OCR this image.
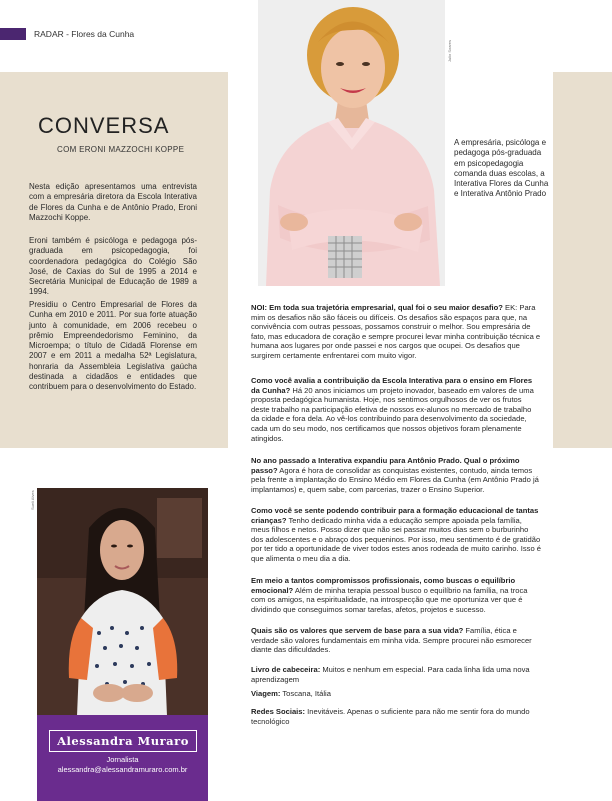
RADAR - Flores da Cunha
CONVERSA
COM ERONI MAZZOCHI KOPPE
Nesta edição apresentamos uma entrevista com a empresária diretora da Escola Interativa de Flores da Cunha e de Antônio Prado, Eroni Mazzochi Koppe.
Eroni também é psicóloga e pedagoga pós-graduada em psicopedagogia, foi coordenadora pedagógica do Colégio São José, de Caxias do Sul de 1995 a 2014 e Secretária Municipal de Educação de 1989 a 1994.
Presidiu o Centro Empresarial de Flores da Cunha em 2010 e 2011. Por sua forte atuação junto à comunidade, em 2006 recebeu o prêmio Empreendedorismo Feminino, da Microempa; o título de Cidadã Florense em 2007 e em 2011 a medalha 52ª Legislatura, honraria da Assembleia Legislativa gaúcha destinada a cidadãos e entidades que contribuem para o desenvolvimento do Estado.
Julio Soares
A empresária, psicóloga e pedagoga pós-graduada em psicopedagogia comanda duas escolas, a Interativa Flores da Cunha e Interativa Antônio Prado
NOI: Em toda sua trajetória empresarial, qual foi o seu maior desafio? EK: Para mim os desafios não são fáceis ou difíceis. Os desafios são espaços para que, na convivência com outras pessoas, possamos construir o melhor. Sou empresária de fato, mas educadora de coração e sempre procurei levar minha contribuição técnica e humana aos lugares por onde passei e nos cargos que ocupei. Os desafios que surgirem certamente enfrentarei com muito vigor.
Como você avalia a contribuição da Escola Interativa para o ensino em Flores da Cunha? Há 20 anos iniciamos um projeto inovador, baseado em valores de uma proposta pedagógica humanista. Hoje, nos sentimos orgulhosos de ver os frutos deste trabalho na participação efetiva de nossos ex-alunos no mercado de trabalho da cidade e fora dela. Ao vê-los contribuindo para desenvolvimento da sociedade, cada um do seu modo, nos certificamos que nossos objetivos foram plenamente atingidos.
No ano passado a Interativa expandiu para Antônio Prado. Qual o próximo passo? Agora é hora de consolidar as conquistas existentes, contudo, ainda temos pela frente a implantação do Ensino Médio em Flores da Cunha (em Antônio Prado já implantamos) e, quem sabe, com parcerias, trazer o Ensino Superior.
Como você se sente podendo contribuir para a formação educacional de tantas crianças? Tenho dedicado minha vida a educação sempre apoiada pela família, meus filhos e netos. Posso dizer que não sei passar muitos dias sem o burburinho dos adolescentes e o abraço dos pequeninos. Por isso, meu sentimento é de gratidão por ter tido a oportunidade de viver todos estes anos rodeada de muito carinho. Isso é que alimenta o meu dia a dia.
Em meio a tantos compromissos profissionais, como buscas o equilíbrio emocional? Além de minha terapia pessoal busco o equilíbrio na família, na troca com os amigos, na espiritualidade, na introspecção que me oportuniza ver que é dividindo que conseguimos somar tarefas, afetos, projetos e sucesso.
Quais são os valores que servem de base para a sua vida? Família, ética e verdade são valores fundamentais em minha vida. Sempre procurei não esmorecer diante das dificuldades.
Livro de cabeceira: Muitos e nenhum em especial. Para cada linha lida uma nova aprendizagem
Viagem: Toscana, Itália
Redes Sociais: Inevitáveis. Apenas o suficiente para não me sentir fora do mundo tecnológico
Sueli Alves
Alessandra Muraro
Jornalista
alessandra@alessandramuraro.com.br
